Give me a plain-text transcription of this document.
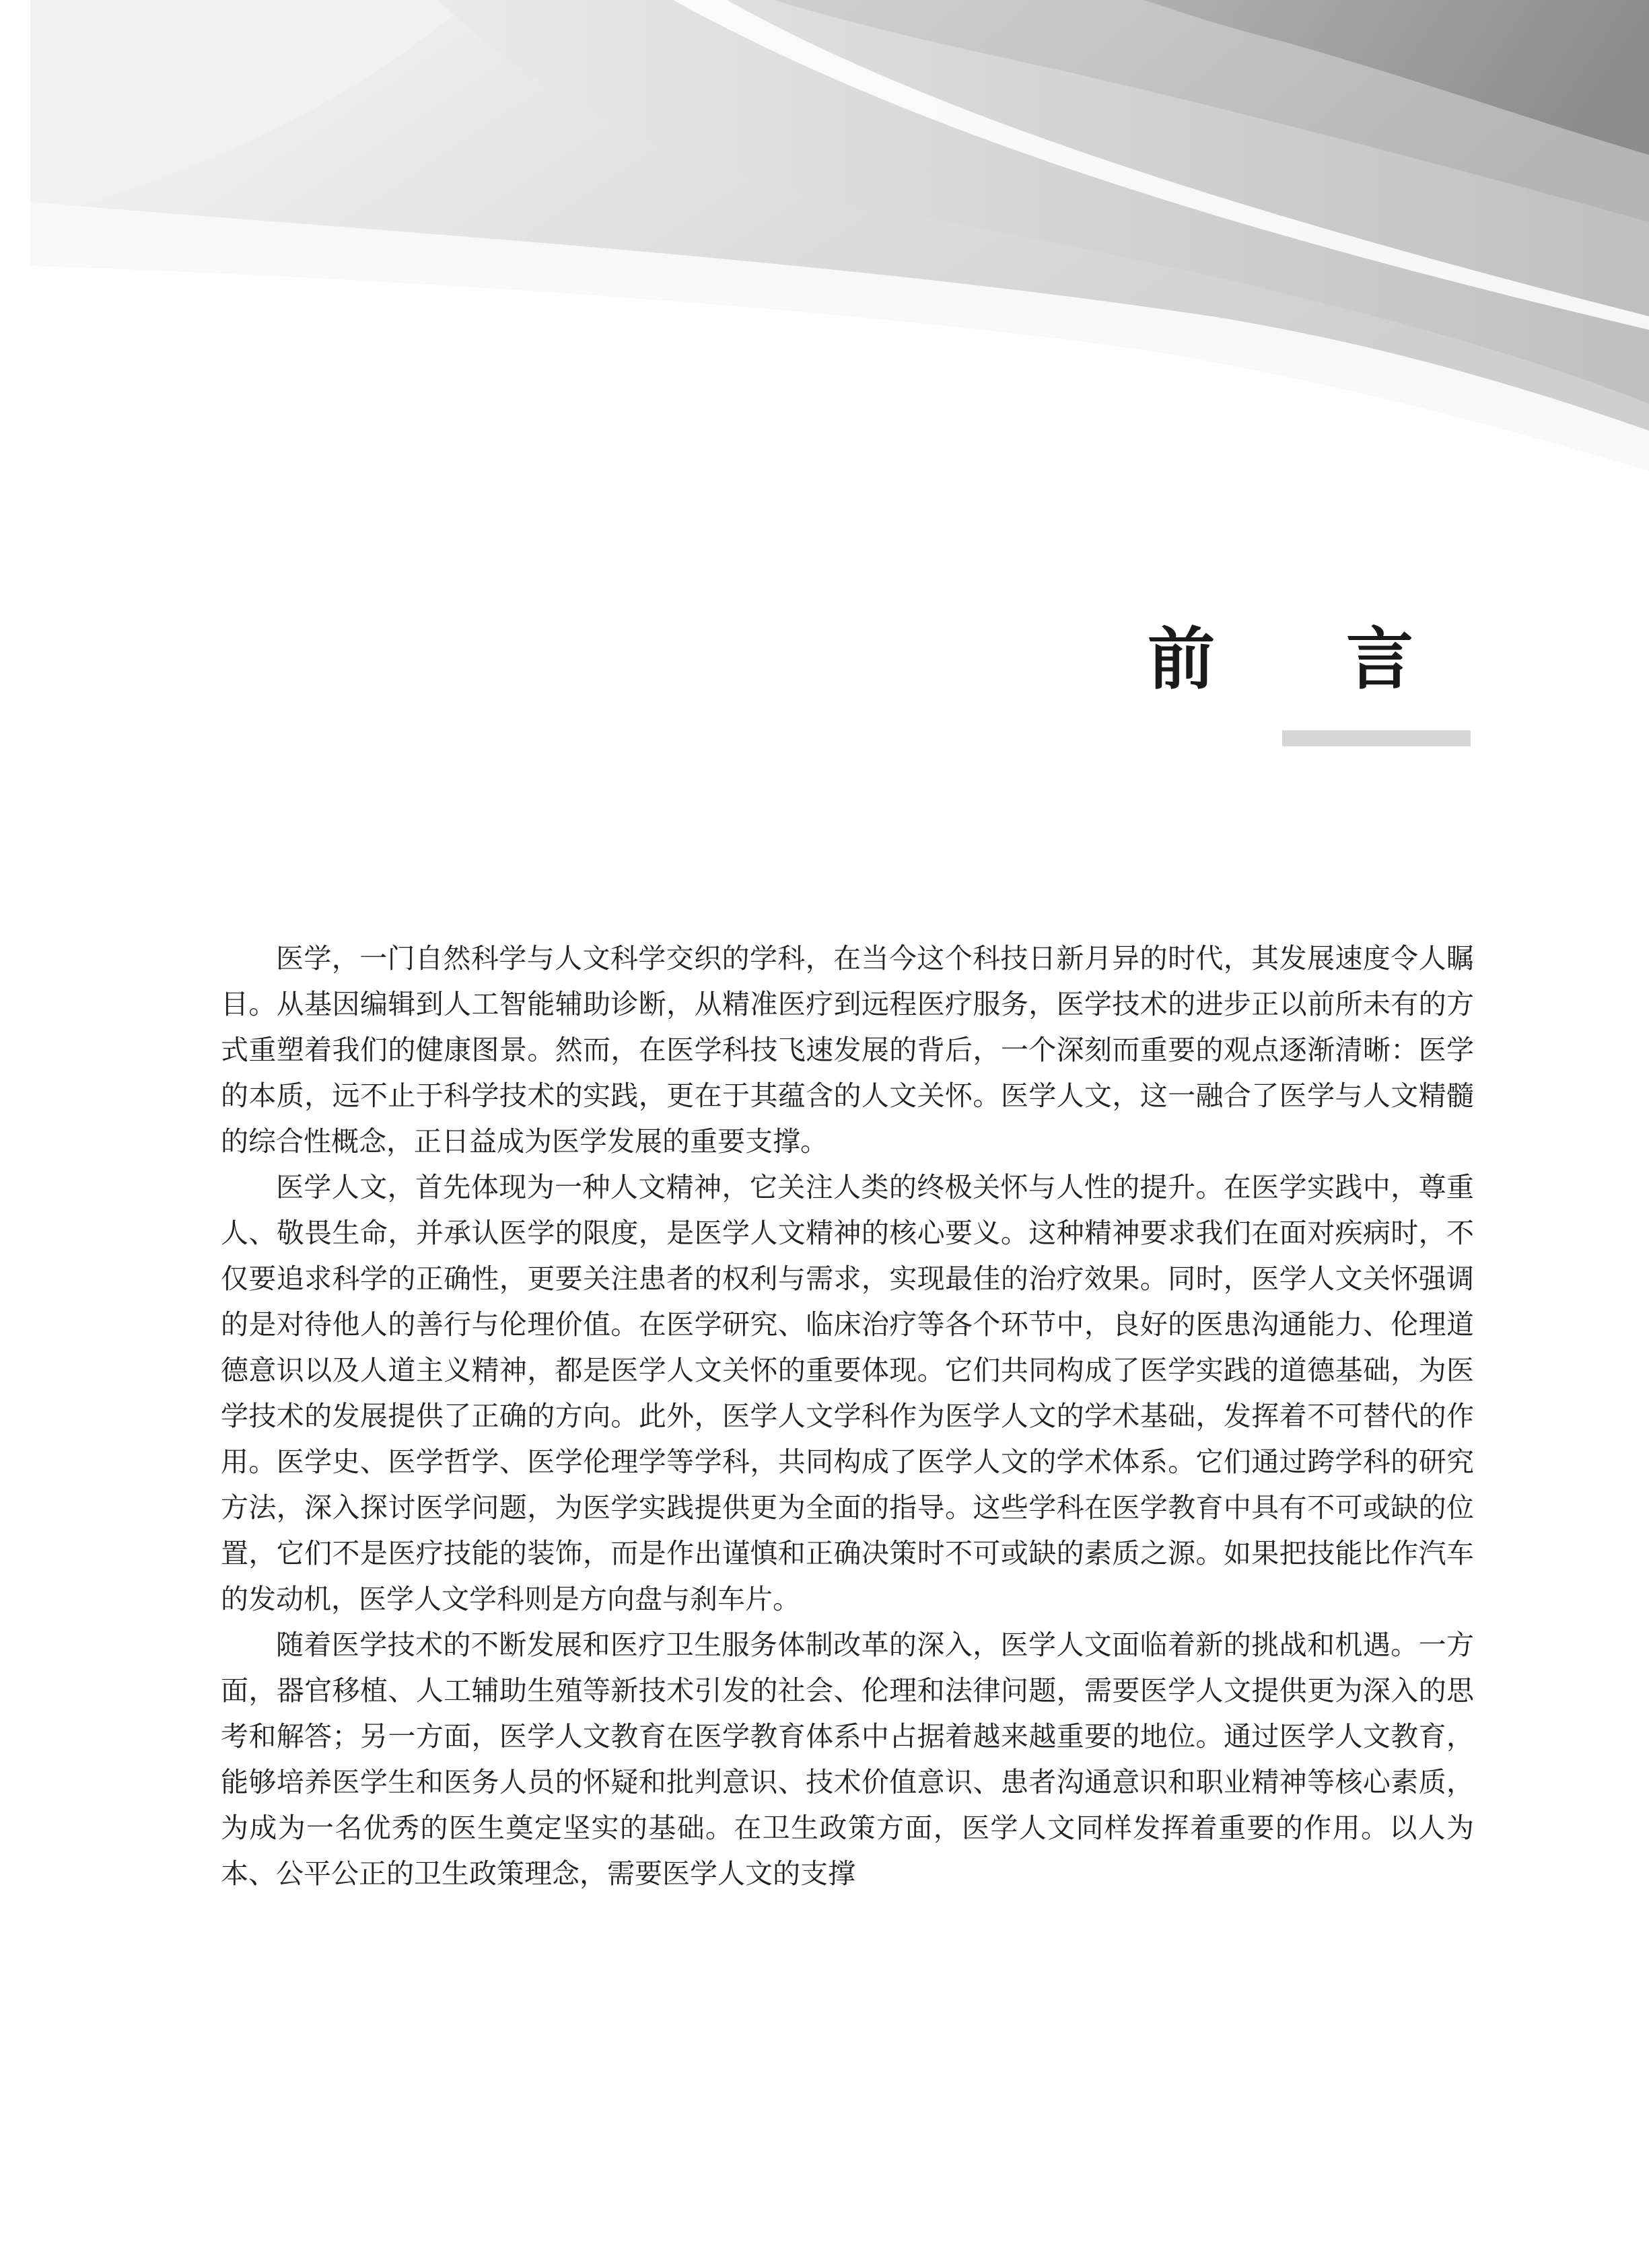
前 言

医学，一门自然科学与人文科学交织的学科，在当今这个科技日新月异的时代，其发展速度令人瞩目。从基因编辑到人工智能辅助诊断，从精准医疗到远程医疗服务，医学技术的进步正以前所未有的方式重塑着我们的健康图景。然而，在医学科技飞速发展的背后，一个深刻而重要的观点逐渐清晰：医学的本质，远不止于科学技术的实践，更在于其蕴含的人文关怀。医学人文，这一融合了医学与人文精髓的综合性概念，正日益成为医学发展的重要支撑。

医学人文，首先体现为一种人文精神，它关注人类的终极关怀与人性的提升。在医学实践中，尊重人、敬畏生命，并承认医学的限度，是医学人文精神的核心要义。这种精神要求我们在面对疾病时，不仅要追求科学的正确性，更要关注患者的权利与需求，实现最佳的治疗效果。同时，医学人文关怀强调的是对待他人的善行与伦理价值。在医学研究、临床治疗等各个环节中，良好的医患沟通能力、伦理道德意识以及人道主义精神，都是医学人文关怀的重要体现。它们共同构成了医学实践的道德基础，为医学技术的发展提供了正确的方向。此外，医学人文学科作为医学人文的学术基础，发挥着不可替代的作用。医学史、医学哲学、医学伦理学等学科，共同构成了医学人文的学术体系。它们通过跨学科的研究方法，深入探讨医学问题，为医学实践提供更为全面的指导。这些学科在医学教育中具有不可或缺的位置，它们不是医疗技能的装饰，而是作出谨慎和正确决策时不可或缺的素质之源。如果把技能比作汽车的发动机，医学人文学科则是方向盘与刹车片。

随着医学技术的不断发展和医疗卫生服务体制改革的深入，医学人文面临着新的挑战和机遇。一方面，器官移植、人工辅助生殖等新技术引发的社会、伦理和法律问题，需要医学人文提供更为深入的思考和解答；另一方面，医学人文教育在医学教育体系中占据着越来越重要的地位。通过医学人文教育，能够培养医学生和医务人员的怀疑和批判意识、技术价值意识、患者沟通意识和职业精神等核心素质，为成为一名优秀的医生奠定坚实的基础。在卫生政策方面，医学人文同样发挥着重要的作用。以人为本、公平公正的卫生政策理念，需要医学人文的支撑
